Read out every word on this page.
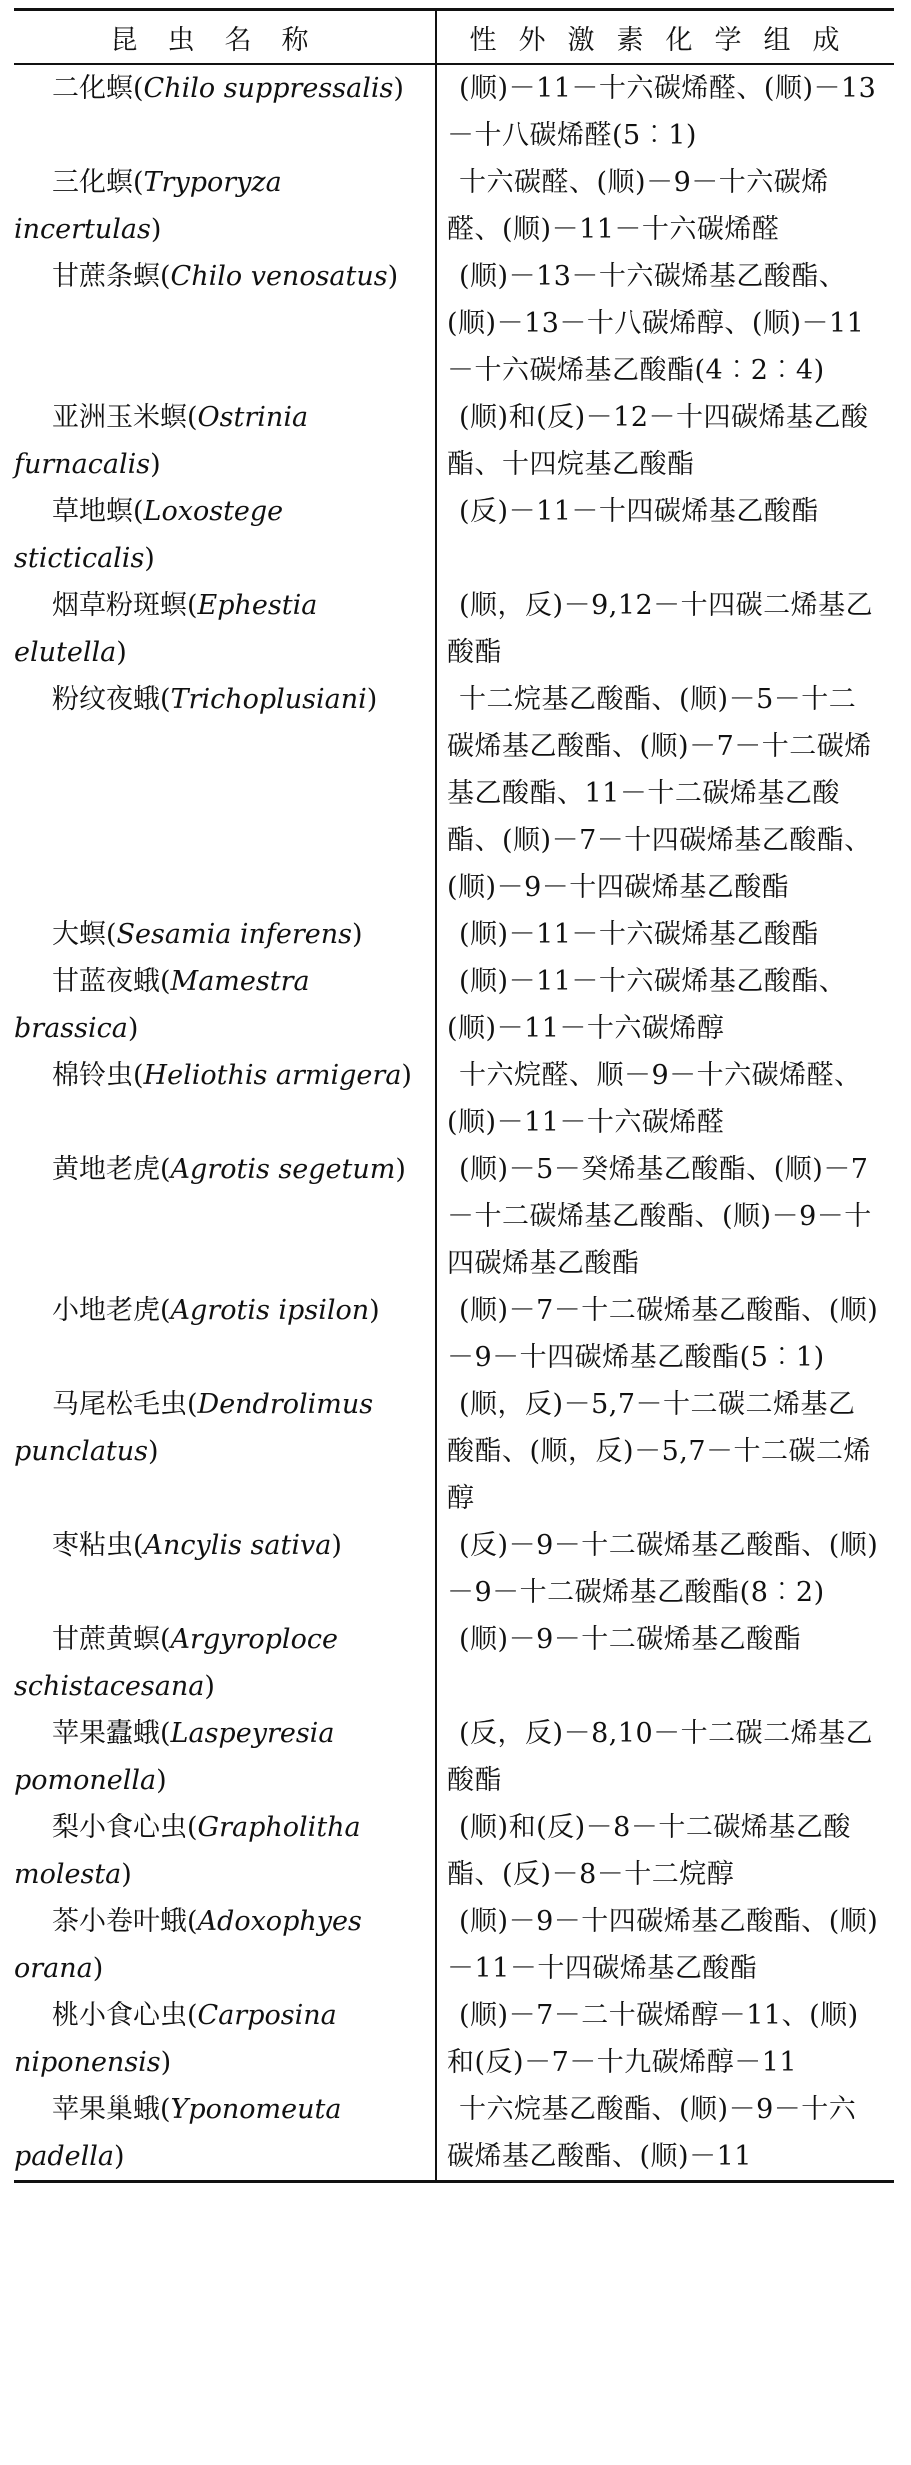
昆虫名称	性外激素化学组成
二化螟(Chilo suppressalis)	(顺)－11－十六碳烯醛、(顺)－13－十八碳烯醛(5︰1)
三化螟(Tryporyza incertulas)	十六碳醛、(顺)－9－十六碳烯醛、(顺)－11－十六碳烯醛
甘蔗条螟(Chilo venosatus)	(顺)－13－十六碳烯基乙酸酯、(顺)－13－十八碳烯醇、(顺)－11－十六碳烯基乙酸酯(4︰2︰4)
亚洲玉米螟(Ostrinia furnacalis)	(顺)和(反)－12－十四碳烯基乙酸酯、十四烷基乙酸酯
草地螟(Loxostege sticticalis)	(反)－11－十四碳烯基乙酸酯
烟草粉斑螟(Ephestia elutella)	(顺，反)－9,12－十四碳二烯基乙酸酯
粉纹夜蛾(Trichoplusiani)	十二烷基乙酸酯、(顺)－5－十二碳烯基乙酸酯、(顺)－7－十二碳烯基乙酸酯、11－十二碳烯基乙酸酯、(顺)－7－十四碳烯基乙酸酯、(顺)－9－十四碳烯基乙酸酯
大螟(Sesamia inferens)	(顺)－11－十六碳烯基乙酸酯
甘蓝夜蛾(Mamestra brassica)	(顺)－11－十六碳烯基乙酸酯、(顺)－11－十六碳烯醇
棉铃虫(Heliothis armigera)	十六烷醛、顺－9－十六碳烯醛、(顺)－11－十六碳烯醛
黄地老虎(Agrotis segetum)	(顺)－5－癸烯基乙酸酯、(顺)－7－十二碳烯基乙酸酯、(顺)－9－十四碳烯基乙酸酯
小地老虎(Agrotis ipsilon)	(顺)－7－十二碳烯基乙酸酯、(顺)－9－十四碳烯基乙酸酯(5︰1)
马尾松毛虫(Dendrolimus punclatus)	(顺，反)－5,7－十二碳二烯基乙酸酯、(顺，反)－5,7－十二碳二烯醇
枣粘虫(Ancylis sativa)	(反)－9－十二碳烯基乙酸酯、(顺)－9－十二碳烯基乙酸酯(8︰2)
甘蔗黄螟(Argyroploce schistacesana)	(顺)－9－十二碳烯基乙酸酯
苹果蠹蛾(Laspeyresia pomonella)	(反，反)－8,10－十二碳二烯基乙酸酯
梨小食心虫(Grapholitha molesta)	(顺)和(反)－8－十二碳烯基乙酸酯、(反)－8－十二烷醇
茶小卷叶蛾(Adoxophyes orana)	(顺)－9－十四碳烯基乙酸酯、(顺)－11－十四碳烯基乙酸酯
桃小食心虫(Carposina niponensis)	(顺)－7－二十碳烯醇－11、(顺)和(反)－7－十九碳烯醇－11
苹果巢蛾(Yponomeuta padella)	十六烷基乙酸酯、(顺)－9－十六碳烯基乙酸酯、(顺)－11
